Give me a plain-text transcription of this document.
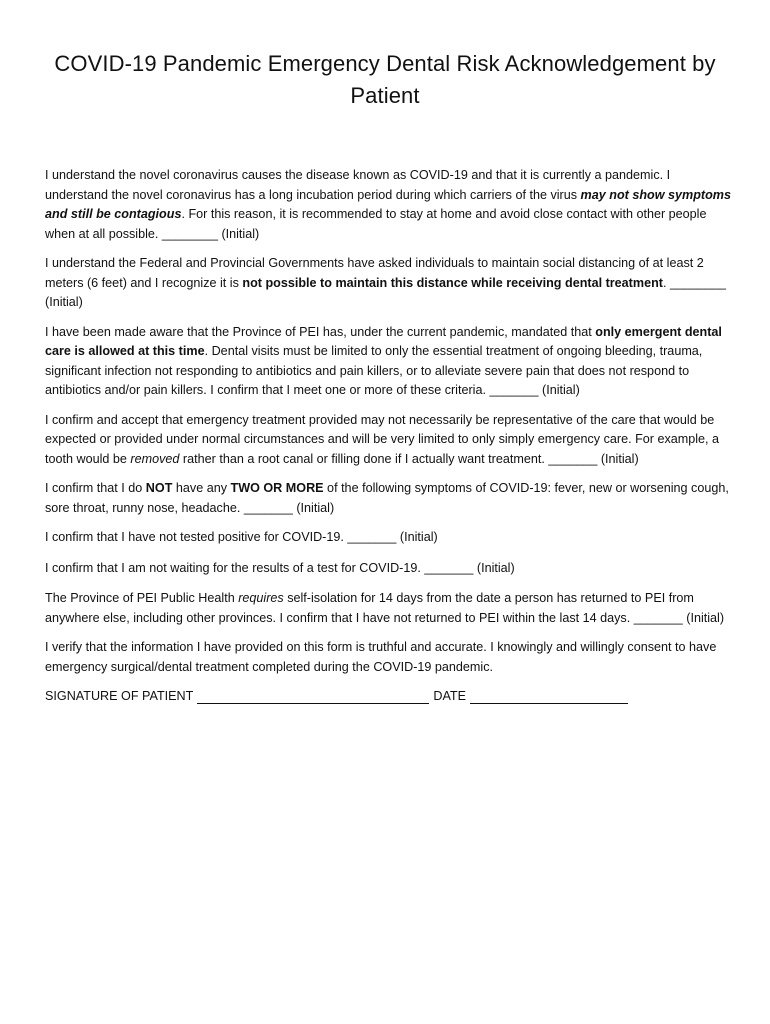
COVID-19 Pandemic Emergency Dental Risk Acknowledgement by Patient

I understand the novel coronavirus causes the disease known as COVID-19 and that it is currently a pandemic. I understand the novel coronavirus has a long incubation period during which carriers of the virus may not show symptoms and still be contagious. For this reason, it is recommended to stay at home and avoid close contact with other people when at all possible. ________ (Initial)

I understand the Federal and Provincial Governments have asked individuals to maintain social distancing of at least 2 meters (6 feet) and I recognize it is not possible to maintain this distance while receiving dental treatment. ________ (Initial)

I have been made aware that the Province of PEI has, under the current pandemic, mandated that only emergent dental care is allowed at this time. Dental visits must be limited to only the essential treatment of ongoing bleeding, trauma, significant infection not responding to antibiotics and pain killers, or to alleviate severe pain that does not respond to antibiotics and/or pain killers. I confirm that I meet one or more of these criteria. _______ (Initial)

I confirm and accept that emergency treatment provided may not necessarily be representative of the care that would be expected or provided under normal circumstances and will be very limited to only simply emergency care. For example, a tooth would be removed rather than a root canal or filling done if I actually want treatment. _______ (Initial)

I confirm that I do NOT have any TWO OR MORE of the following symptoms of COVID-19: fever, new or worsening cough, sore throat, runny nose, headache. _______ (Initial)

I confirm that I have not tested positive for COVID-19. _______ (Initial)

I confirm that I am not waiting for the results of a test for COVID-19. _______ (Initial)

The Province of PEI Public Health requires self-isolation for 14 days from the date a person has returned to PEI from anywhere else, including other provinces. I confirm that I have not returned to PEI within the last 14 days. _______ (Initial)

I verify that the information I have provided on this form is truthful and accurate. I knowingly and willingly consent to have emergency surgical/dental treatment completed during the COVID-19 pandemic.

SIGNATURE OF PATIENT	DATE
